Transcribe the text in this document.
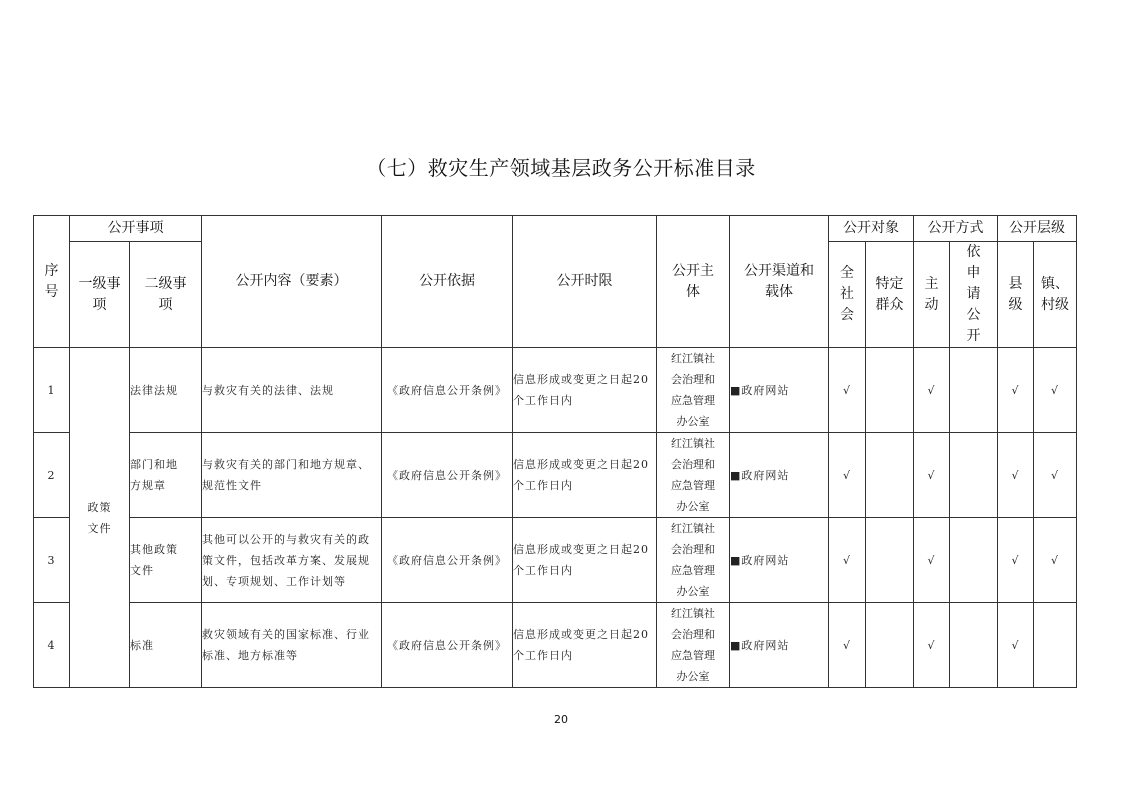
（七）救灾生产领域基层政务公开标准目录
序号	公开事项		公开内容（要素）	公开依据	公开时限	公开主体	公开渠道和载体	公开对象		公开方式		公开层级	
	一级事项	二级事项						全社会	特定群众	主动	依申请公开	县级	镇、村级
1	政策文件	法律法规	与救灾有关的法律、法规	《政府信息公开条例》	信息形成或变更之日起20个工作日内	红江镇社会治理和应急管理办公室	■政府网站	√		√		√	√
2		部门和地方规章	与救灾有关的部门和地方规章、规范性文件	《政府信息公开条例》	信息形成或变更之日起20个工作日内	红江镇社会治理和应急管理办公室	■政府网站	√		√		√	√
3		其他政策文件	其他可以公开的与救灾有关的政策文件，包括改革方案、发展规划、专项规划、工作计划等	《政府信息公开条例》	信息形成或变更之日起20个工作日内	红江镇社会治理和应急管理办公室	■政府网站	√		√		√	√
4		标准	救灾领域有关的国家标准、行业标准、地方标准等	《政府信息公开条例》	信息形成或变更之日起20个工作日内	红江镇社会治理和应急管理办公室	■政府网站	√		√		√	
20
